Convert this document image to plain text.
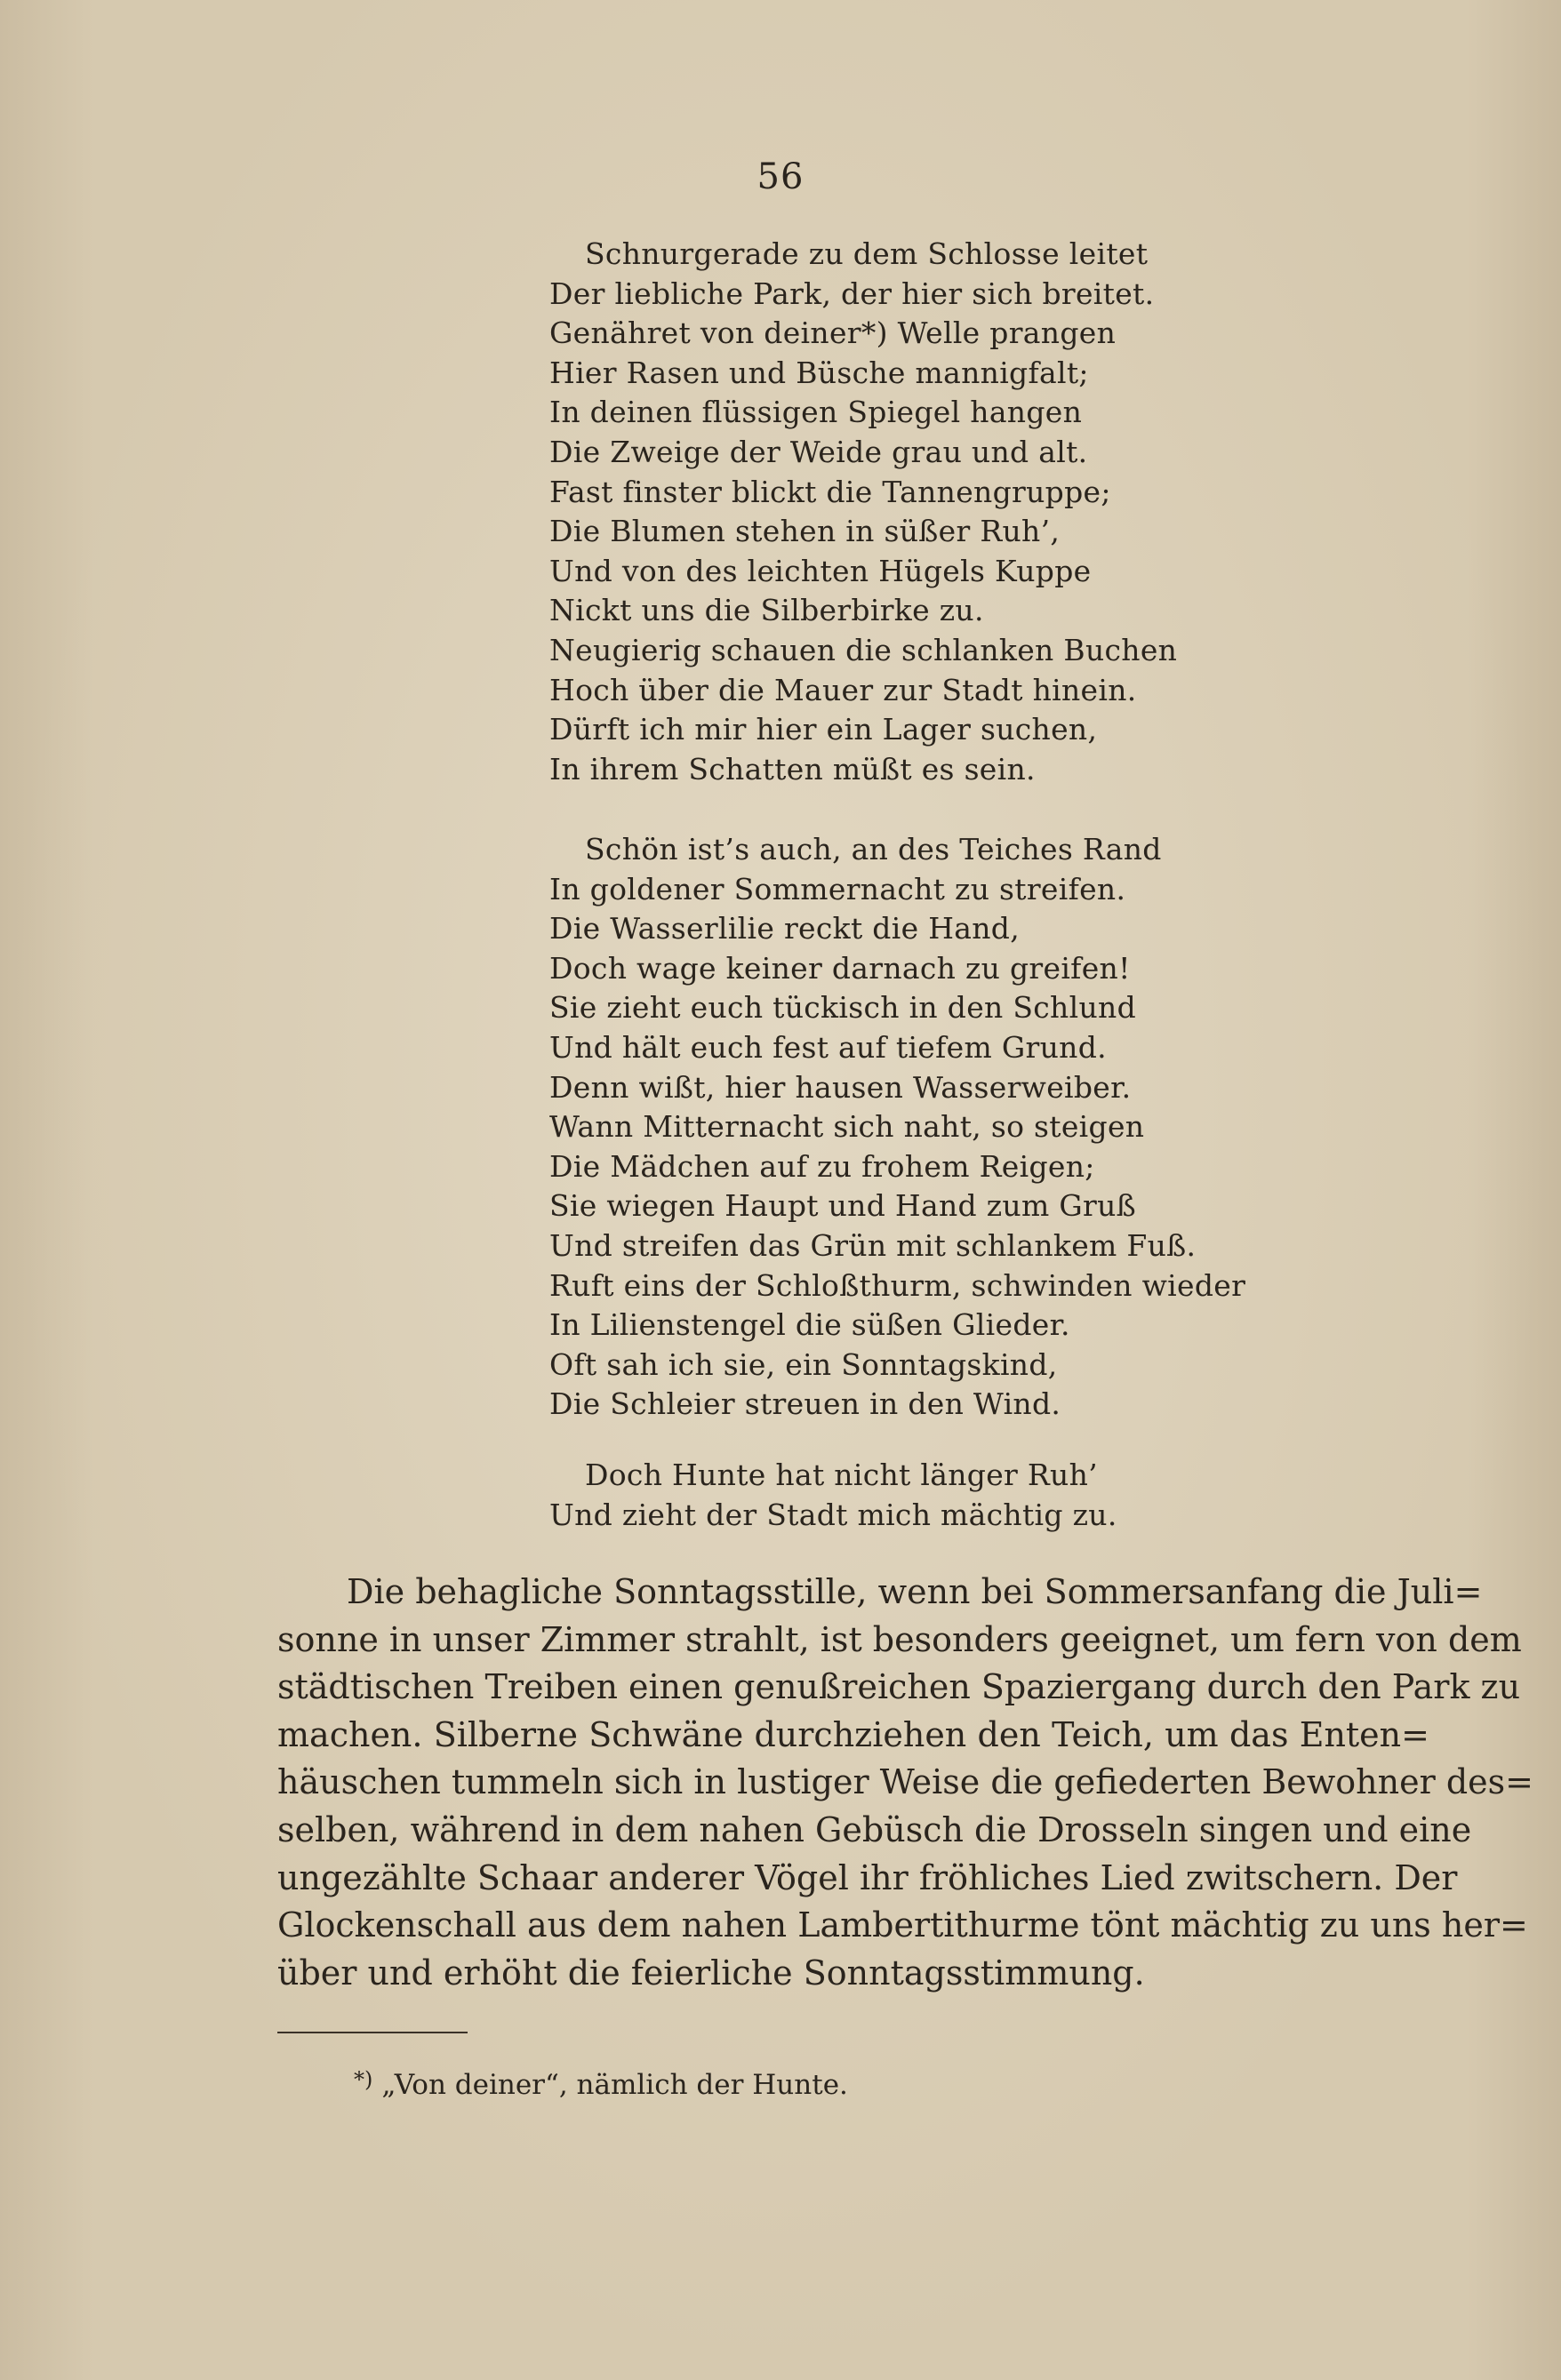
56
Schnurgerade zu dem Schlosse leitet
Der liebliche Park, der hier sich breitet.
Genähret von deiner*) Welle prangen
Hier Rasen und Büsche mannigfalt;
In deinen flüssigen Spiegel hangen
Die Zweige der Weide grau und alt.
Fast finster blickt die Tannengruppe;
Die Blumen stehen in süßer Ruh’,
Und von des leichten Hügels Kuppe
Nickt uns die Silberbirke zu.
Neugierig schauen die schlanken Buchen
Hoch über die Mauer zur Stadt hinein.
Dürft ich mir hier ein Lager suchen,
In ihrem Schatten müßt es sein.
Schön ist’s auch, an des Teiches Rand
In goldener Sommernacht zu streifen.
Die Wasserlilie reckt die Hand,
Doch wage keiner darnach zu greifen!
Sie zieht euch tückisch in den Schlund
Und hält euch fest auf tiefem Grund.
Denn wißt, hier hausen Wasserweiber.
Wann Mitternacht sich naht, so steigen
Die Mädchen auf zu frohem Reigen;
Sie wiegen Haupt und Hand zum Gruß
Und streifen das Grün mit schlankem Fuß.
Ruft eins der Schloßthurm, schwinden wieder
In Lilienstengel die süßen Glieder.
Oft sah ich sie, ein Sonntagskind,
Die Schleier streuen in den Wind.
Doch Hunte hat nicht länger Ruh’
Und zieht der Stadt mich mächtig zu.

Die behagliche Sonntagsstille, wenn bei Sommersanfang die Juli=
sonne in unser Zimmer strahlt, ist besonders geeignet, um fern von dem
städtischen Treiben einen genußreichen Spaziergang durch den Park zu
machen. Silberne Schwäne durchziehen den Teich, um das Enten=
häuschen tummeln sich in lustiger Weise die gefiederten Bewohner des=
selben, während in dem nahen Gebüsch die Drosseln singen und eine
ungezählte Schaar anderer Vögel ihr fröhliches Lied zwitschern. Der
Glockenschall aus dem nahen Lambertithurme tönt mächtig zu uns her=
über und erhöht die feierliche Sonntagsstimmung.

*) „Von deiner“, nämlich der Hunte.
